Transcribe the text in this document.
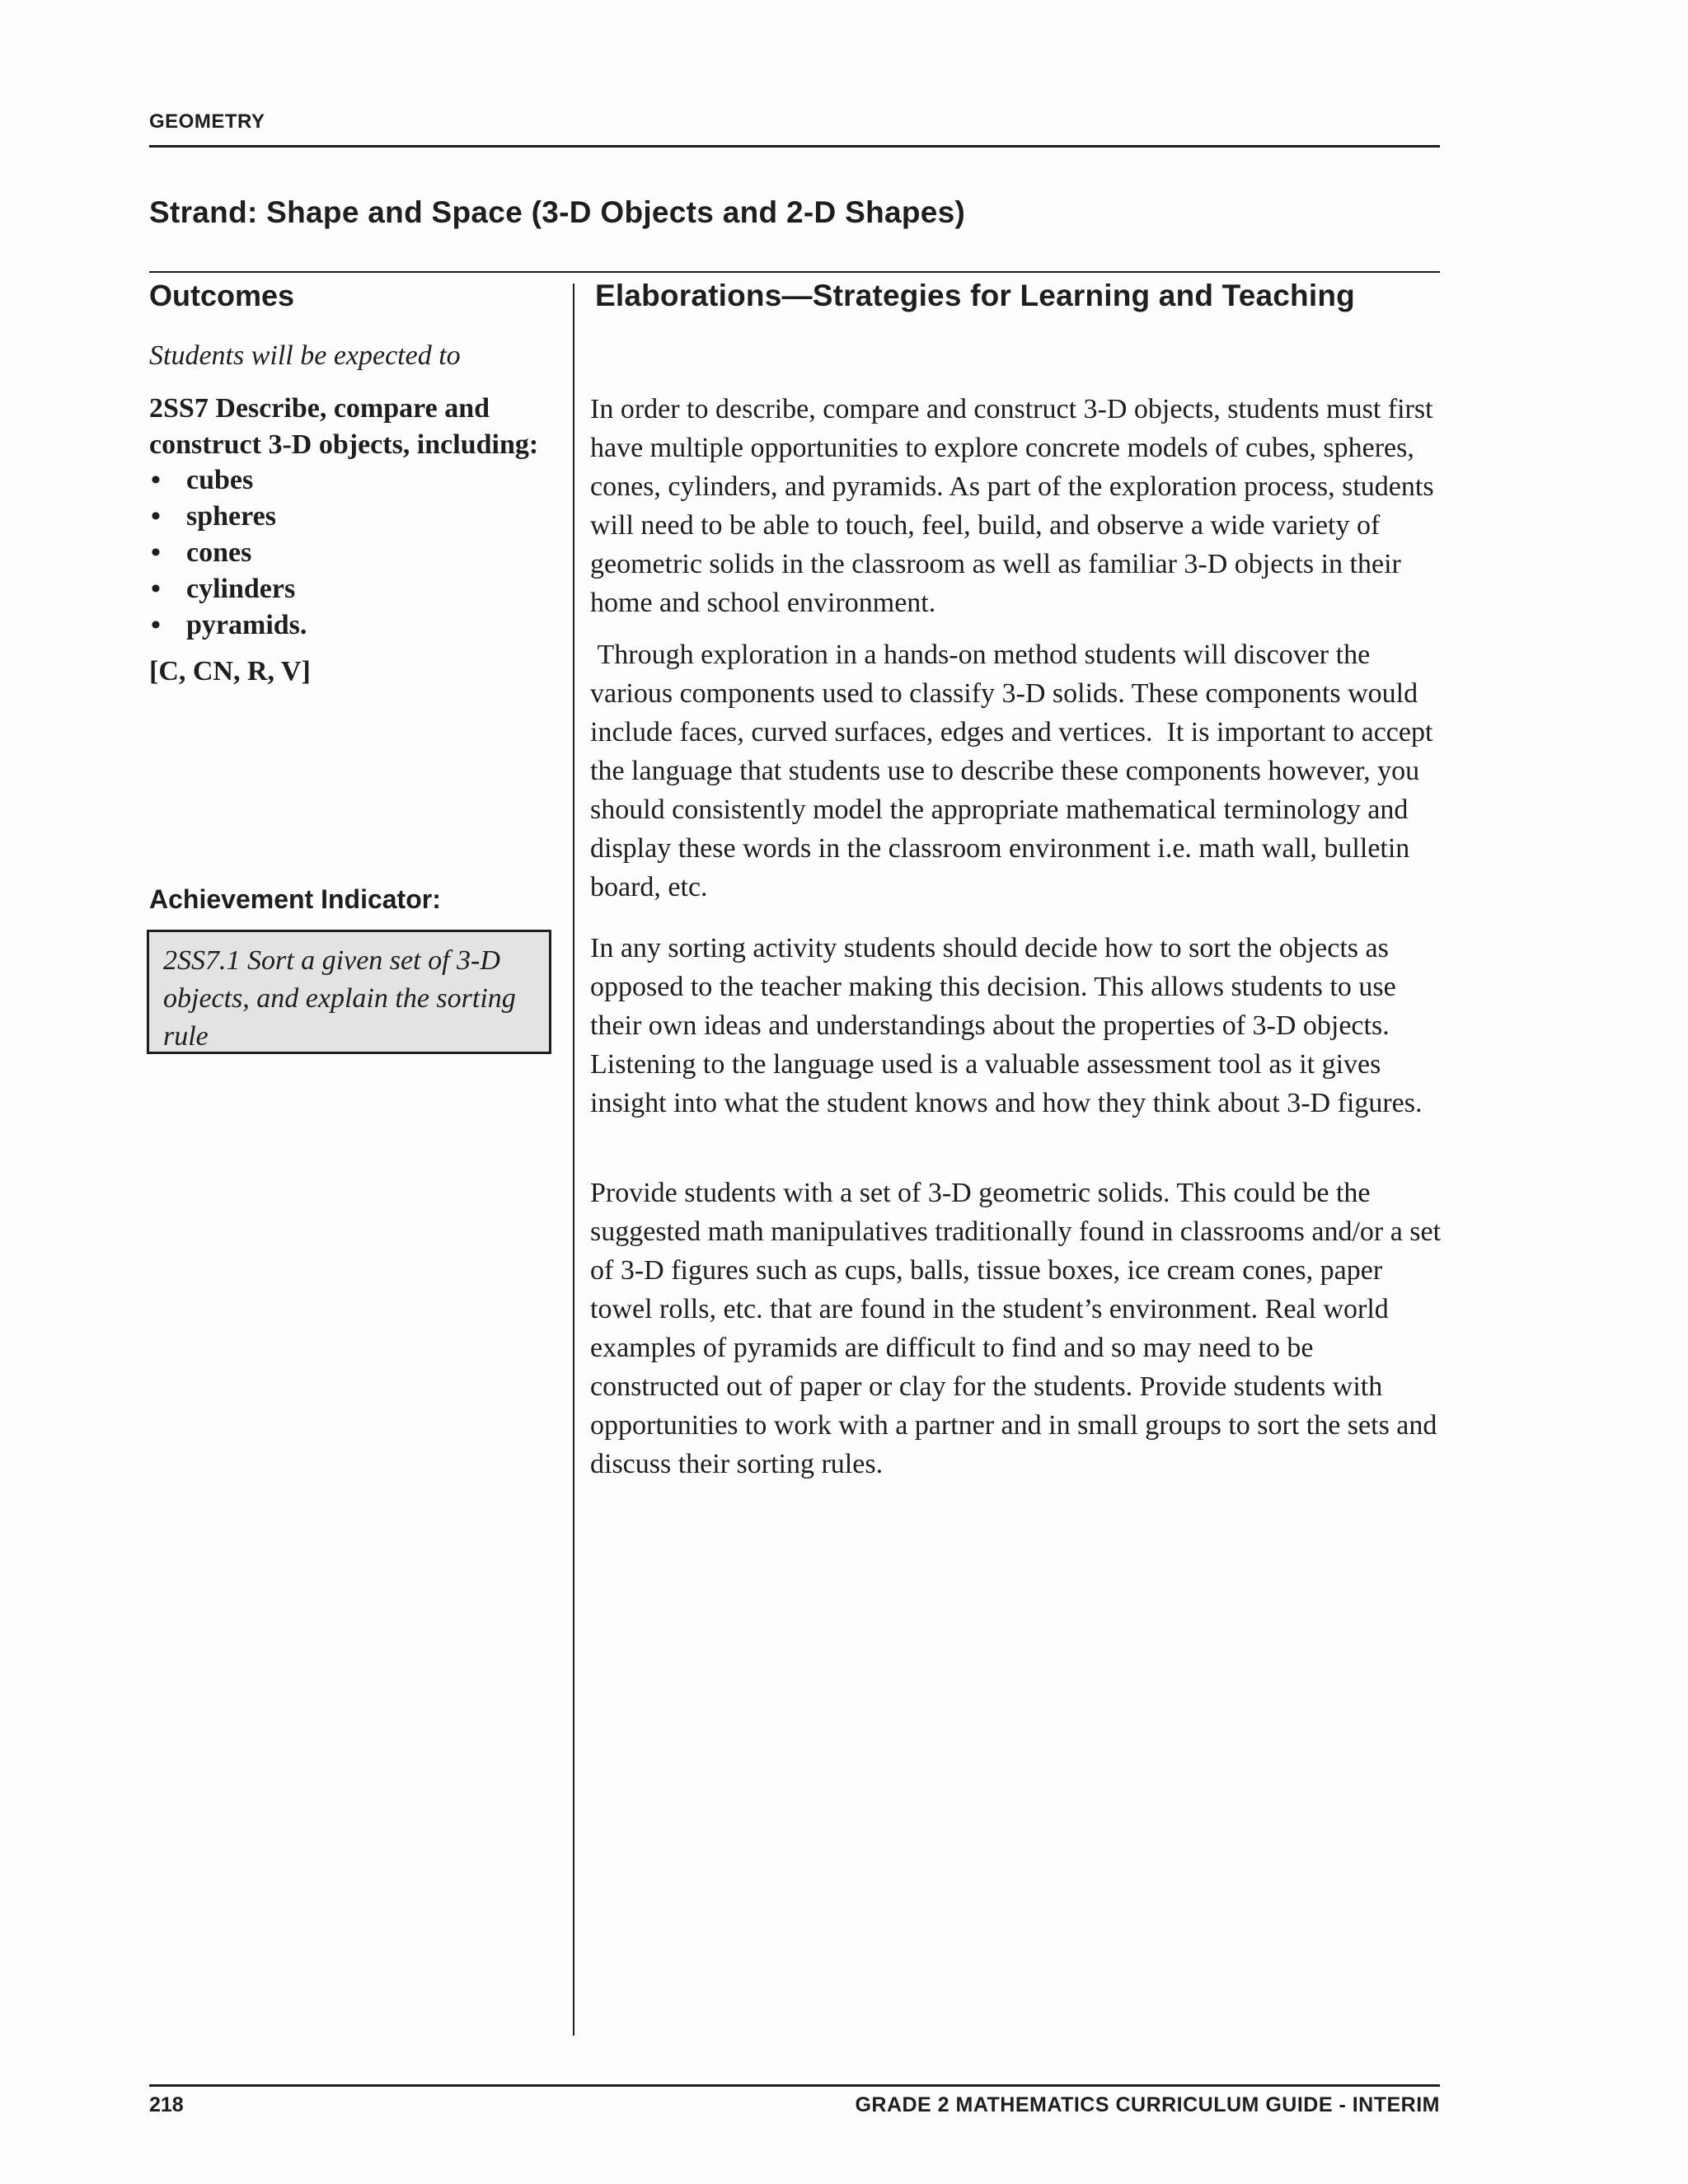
GEOMETRY
Strand: Shape and Space (3-D Objects and 2-D Shapes)
Outcomes
Students will be expected to
2SS7 Describe, compare and construct 3-D objects, including:
• cubes
• spheres
• cones
• cylinders
• pyramids.
[C, CN, R, V]
Achievement Indicator:
2SS7.1 Sort a given set of 3-D objects, and explain the sorting rule
Elaborations—Strategies for Learning and Teaching

In order to describe, compare and construct 3-D objects, students must first have multiple opportunities to explore concrete models of cubes, spheres, cones, cylinders, and pyramids. As part of the exploration process, students will need to be able to touch, feel, build, and observe a wide variety of geometric solids in the classroom as well as familiar 3-D objects in their home and school environment.

Through exploration in a hands-on method students will discover the various components used to classify 3-D solids. These components would include faces, curved surfaces, edges and vertices.  It is important to accept the language that students use to describe these components however, you should consistently model the appropriate mathematical terminology and display these words in the classroom environment i.e. math wall, bulletin board, etc.

In any sorting activity students should decide how to sort the objects as opposed to the teacher making this decision. This allows students to use their own ideas and understandings about the properties of 3-D objects. Listening to the language used is a valuable assessment tool as it gives insight into what the student knows and how they think about 3-D figures.

Provide students with a set of 3-D geometric solids. This could be the suggested math manipulatives traditionally found in classrooms and/or a set of 3-D figures such as cups, balls, tissue boxes, ice cream cones, paper towel rolls, etc. that are found in the student’s environment. Real world examples of pyramids are difficult to find and so may need to be constructed out of paper or clay for the students. Provide students with opportunities to work with a partner and in small groups to sort the sets and discuss their sorting rules.

218	GRADE 2 MATHEMATICS CURRICULUM GUIDE - INTERIM
